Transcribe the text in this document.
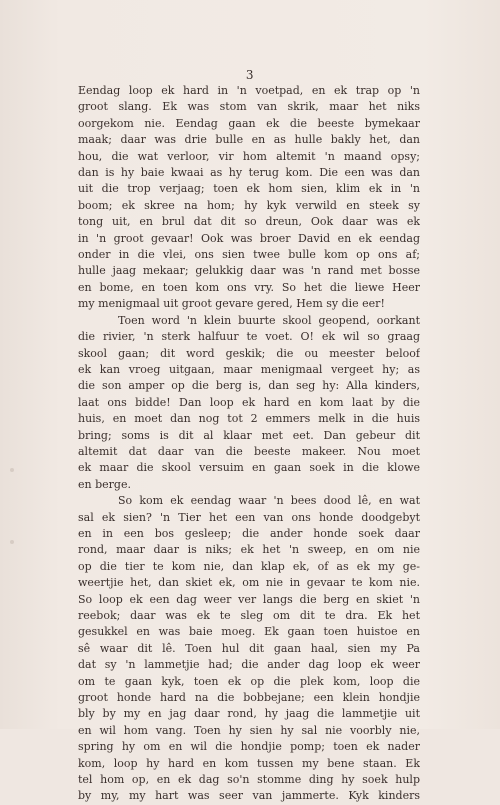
3
Eendag loop ek hard in 'n voetpad, en ek trap op 'n
groot slang. Ek was stom van skrik, maar het niks
oorgekom nie. Eendag gaan ek die beeste bymekaar
maak; daar was drie bulle en as hulle bakly het, dan
hou, die wat verloor, vir hom altemit 'n maand opsy;
dan is hy baie kwaai as hy terug kom. Die een was dan
uit die trop verjaag; toen ek hom sien, klim ek in 'n
boom; ek skree na hom; hy kyk verwild en steek sy
tong uit, en brul dat dit so dreun, Ook daar was ek
in 'n groot gevaar! Ook was broer David en ek eendag
onder in die vlei, ons sien twee bulle kom op ons af;
hulle jaag mekaar; gelukkig daar was 'n rand met bosse
en bome, en toen kom ons vry. So het die liewe Heer
my menigmaal uit groot gevare gered, Hem sy die eer!
Toen word 'n klein buurte skool geopend, oorkant
die rivier, 'n sterk halfuur te voet. O! ek wil so graag
skool gaan; dit word geskik; die ou meester beloof
ek kan vroeg uitgaan, maar menigmaal vergeet hy; as
die son amper op die berg is, dan seg hy: Alla kinders,
laat ons bidde! Dan loop ek hard en kom laat by die
huis, en moet dan nog tot 2 emmers melk in die huis
bring; soms is dit al klaar met eet. Dan gebeur dit
altemit dat daar van die beeste makeer. Nou moet
ek maar die skool versuim en gaan soek in die klowe
en berge.
So kom ek eendag waar 'n bees dood lê, en wat
sal ek sien? 'n Tier het een van ons honde doodgebyt
en in een bos gesleep; die ander honde soek daar
rond, maar daar is niks; ek het 'n sweep, en om nie
op die tier te kom nie, dan klap ek, of as ek my ge-
weertjie het, dan skiet ek, om nie in gevaar te kom nie.
So loop ek een dag weer ver langs die berg en skiet 'n
reebok; daar was ek te sleg om dit te dra. Ek het
gesukkel en was baie moeg. Ek gaan toen huistoe en
sê waar dit lê. Toen hul dit gaan haal, sien my Pa
dat sy 'n lammetjie had; die ander dag loop ek weer
om te gaan kyk, toen ek op die plek kom, loop die
groot honde hard na die bobbejane; een klein hondjie
bly by my en jag daar rond, hy jaag die lammetjie uit
en wil hom vang. Toen hy sien hy sal nie voorbly nie,
spring hy om en wil die hondjie pomp; toen ek nader
kom, loop hy hard en kom tussen my bene staan. Ek
tel hom op, en ek dag so'n stomme ding hy soek hulp
by my, my hart was seer van jammerte. Kyk kinders
